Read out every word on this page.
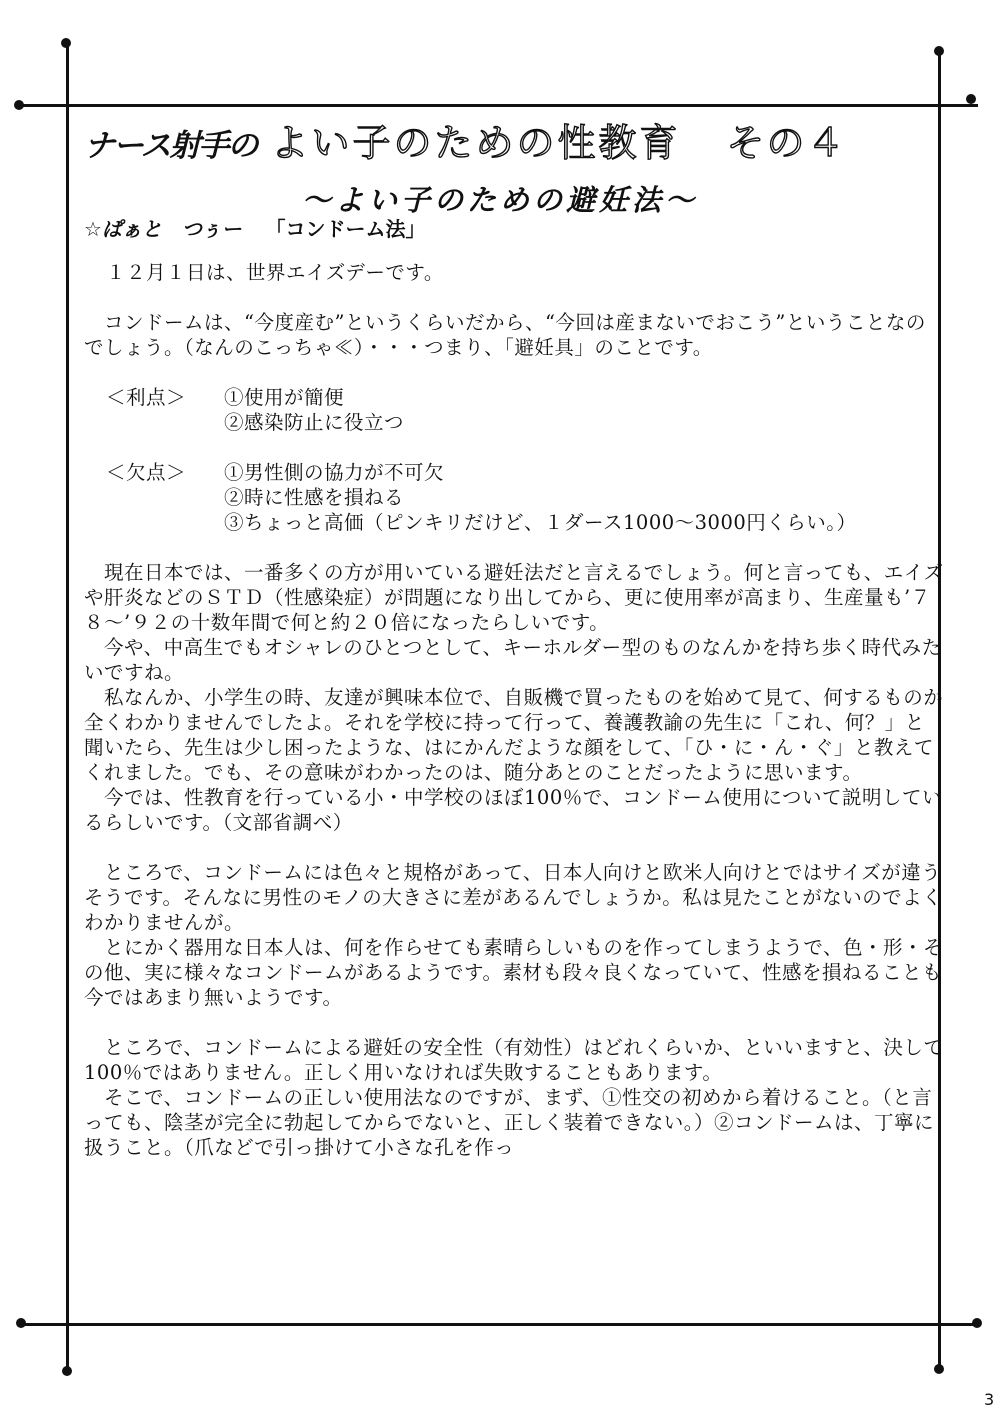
ナース射手の よい子のための性教育 その４
〜よい子のための避妊法〜
☆ぱぁと　つぅー 「コンドーム法」

１２月１日は、世界エイズデーです。

　コンドームは、“今度産む”というくらいだから、“今回は産まないでおこう”ということなのでしょう。（なんのこっちゃ≪）・・・つまり、「避妊具」のことです。

＜利点＞	①使用が簡便
②感染防止に役立つ
＜欠点＞	①男性側の協力が不可欠
②時に性感を損ねる
③ちょっと高価（ピンキリだけど、１ダース1000〜3000円くらい。）

　現在日本では、一番多くの方が用いている避妊法だと言えるでしょう。何と言っても、エイズや肝炎などのＳＴＤ（性感染症）が問題になり出してから、更に使用率が高まり、生産量も’７８〜’９２の十数年間で何と約２０倍になったらしいです。

　今や、中高生でもオシャレのひとつとして、キーホルダー型のものなんかを持ち歩く時代みたいですね。

　私なんか、小学生の時、友達が興味本位で、自販機で買ったものを始めて見て、何するものか全くわかりませんでしたよ。それを学校に持って行って、養護教諭の先生に「これ、何？」と聞いたら、先生は少し困ったような、はにかんだような顔をして、「ひ・に・ん・ぐ」と教えてくれました。でも、その意味がわかったのは、随分あとのことだったように思います。

　今では、性教育を行っている小・中学校のほぼ100％で、コンドーム使用について説明しているらしいです。（文部省調べ）

　ところで、コンドームには色々と規格があって、日本人向けと欧米人向けとではサイズが違うそうです。そんなに男性のモノの大きさに差があるんでしょうか。私は見たことがないのでよくわかりませんが。

　とにかく器用な日本人は、何を作らせても素晴らしいものを作ってしまうようで、色・形・その他、実に様々なコンドームがあるようです。素材も段々良くなっていて、性感を損ねることも今ではあまり無いようです。

　ところで、コンドームによる避妊の安全性（有効性）はどれくらいか、といいますと、決して100％ではありません。正しく用いなければ失敗することもあります。

　そこで、コンドームの正しい使用法なのですが、まず、①性交の初めから着けること。（と言っても、陰茎が完全に勃起してからでないと、正しく装着できない。）②コンドームは、丁寧に扱うこと。（爪などで引っ掛けて小さな孔を作っ

3
